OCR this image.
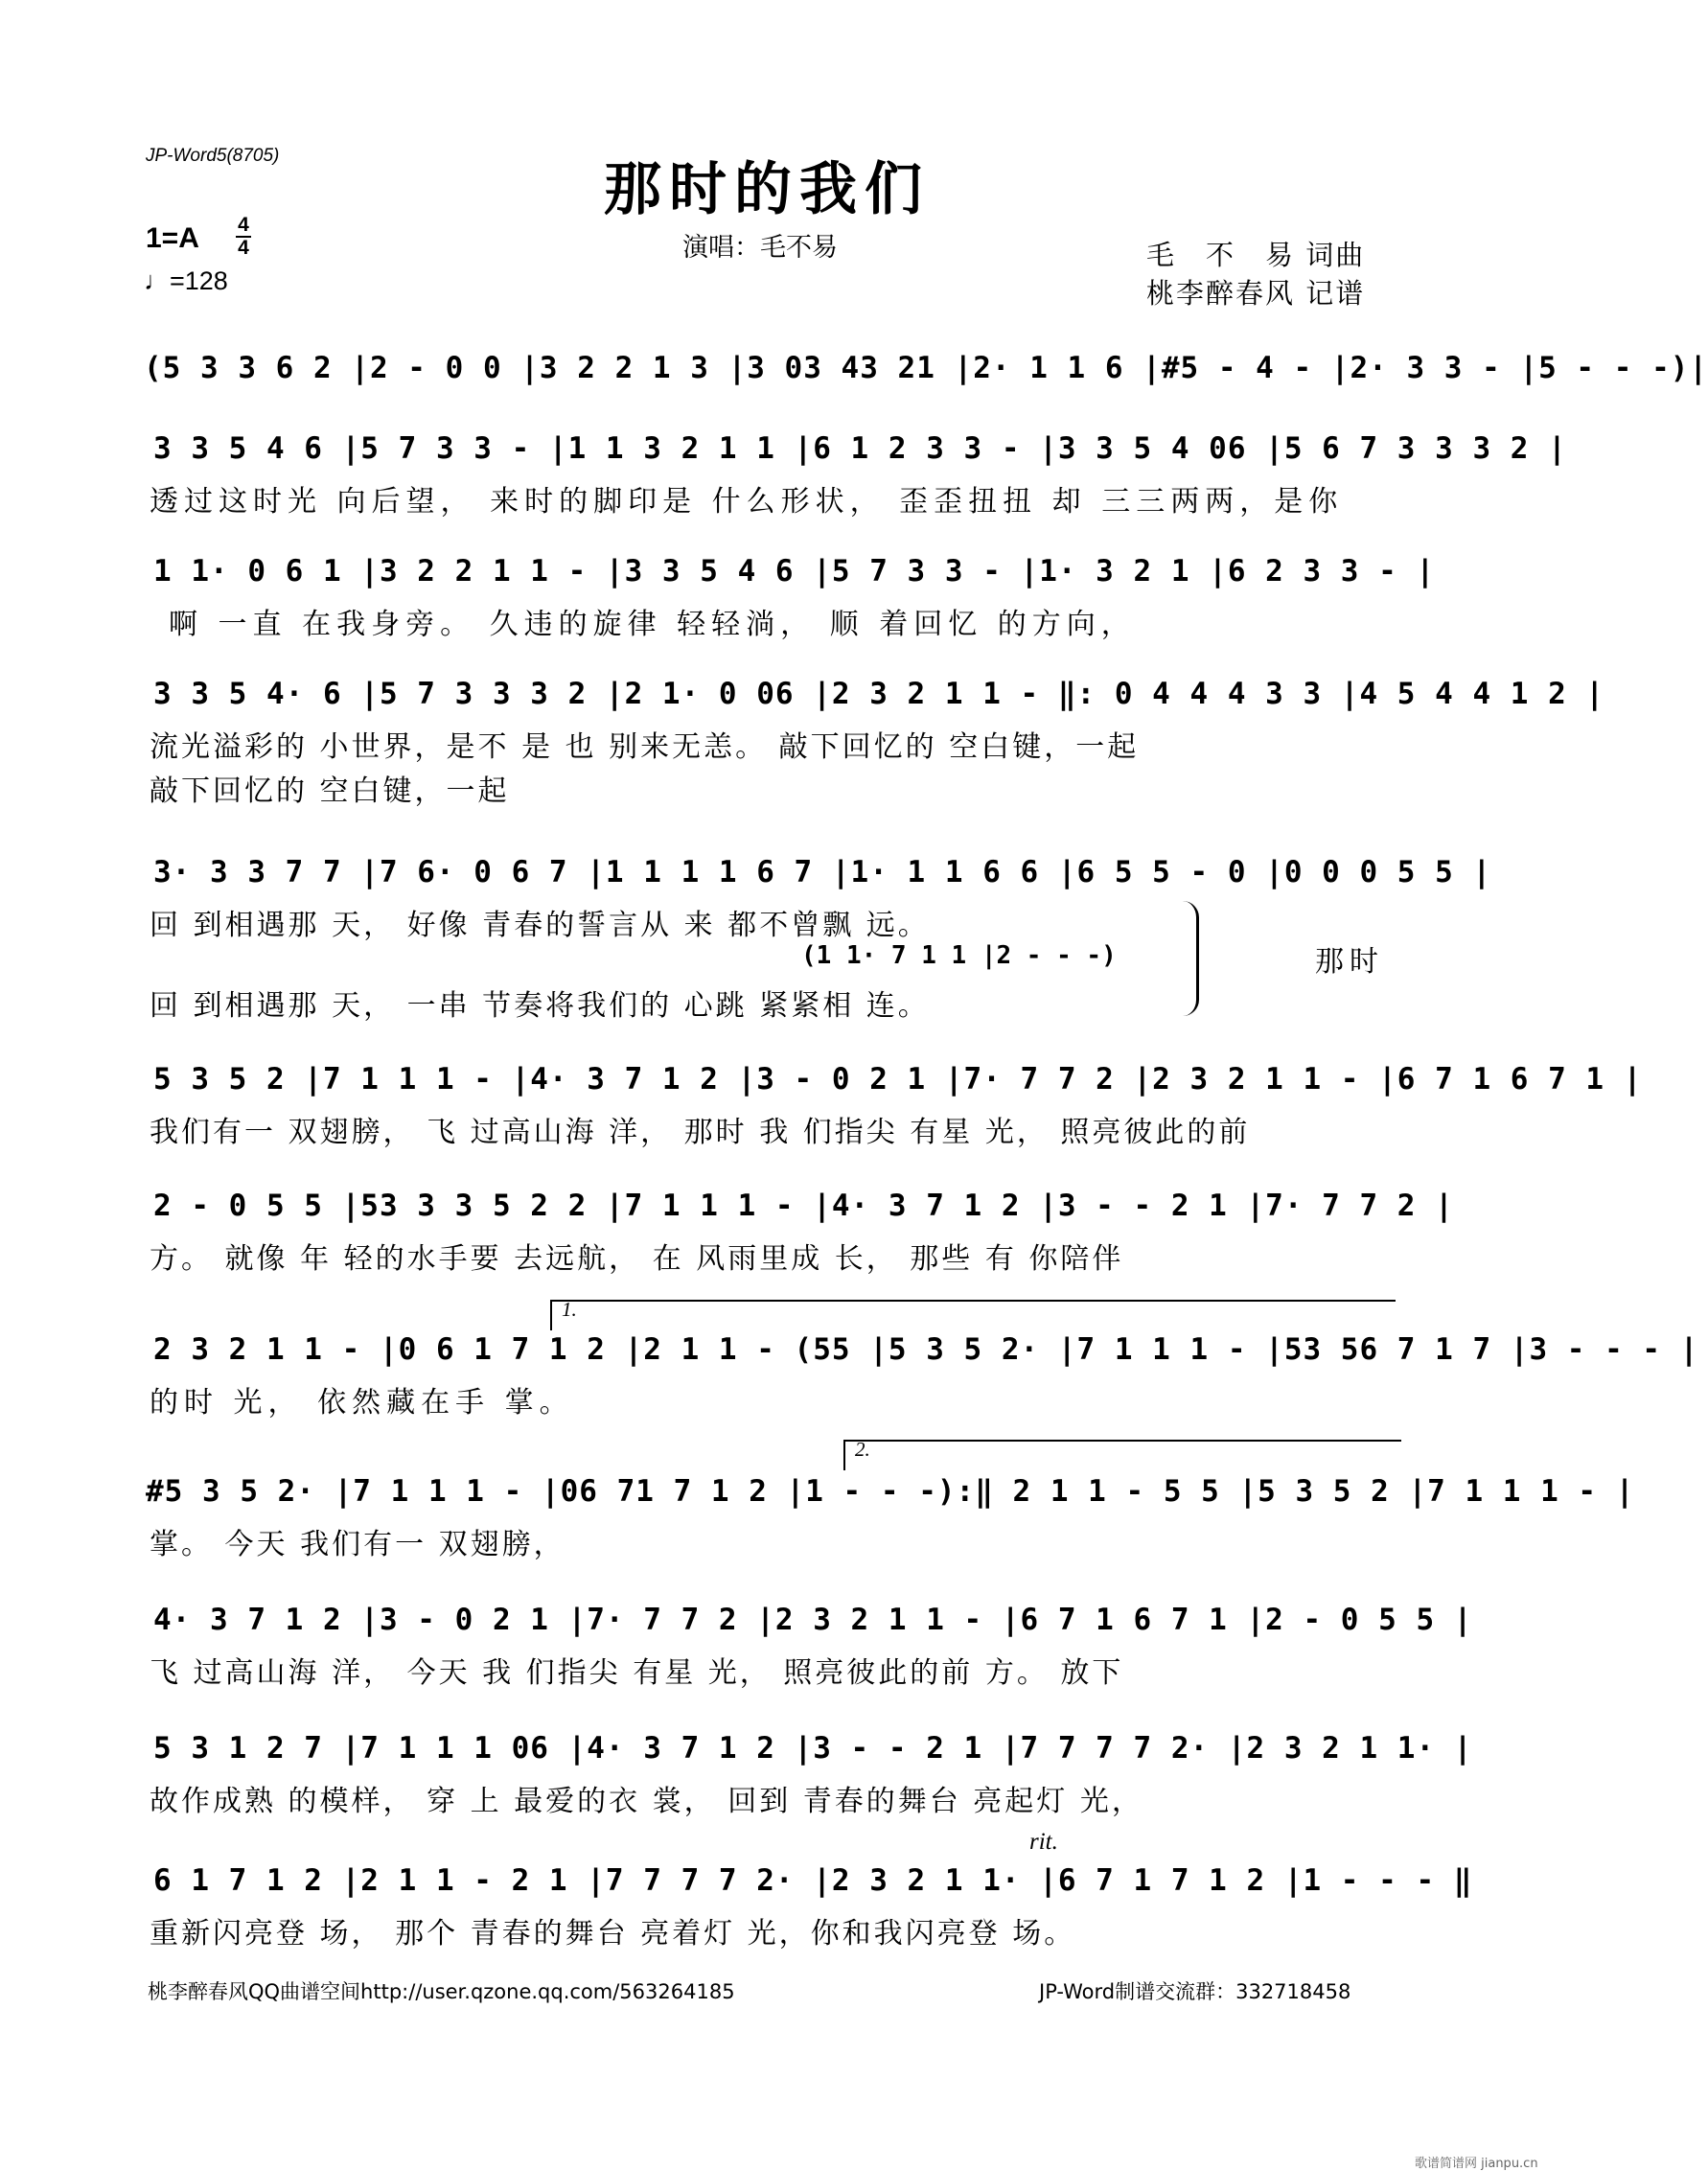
JP-Word5(8705)
那时的我们
1=A 4
4
♩=128
演唱：毛不易	毛　不　易 词曲
桃李醉春风 记谱
(5 3 3 6 2 |2 - 0 0 |3 2 2 1 3 |3 03 43 21 |2· 1 1 6 |#5 - 4 - |2· 3 3 - |5 - - -)|
3 3 5 4 6 |5 7 3 3 - |1 1 3 2 1 1 |6 1 2 3 3 - |3 3 5 4 06 |5 6 7 3 3 3 2 |
透过这时光 向后望， 来时的脚印是 什么形状， 歪歪扭扭 却 三三两两，是你
1 1· 0 6 1 |3 2 2 1 1 - |3 3 5 4 6 |5 7 3 3 - |1· 3 2 1 |6 2 3 3 - |
啊 一直 在我身旁。 久违的旋律 轻轻淌， 顺 着回忆 的方向，
3 3 5 4· 6 |5 7 3 3 3 2 |2 1· 0 06 |2 3 2 1 1 - ‖: 0 4 4 4 3 3 |4 5 4 4 1 2 |
流光溢彩的 小世界，是不 是 也 别来无恙。 敲下回忆的 空白键，一起
敲下回忆的 空白键，一起
3· 3 3 7 7 |7 6· 0 6 7 |1 1 1 1 6 7 |1· 1 1 6 6 |6 5 5 - 0 |0 0 0 5 5 |
回 到相遇那 天， 好像 青春的誓言从 来 都不曾飘 远。
(1 1· 7 1 1 |2 - - -)	那时
回 到相遇那 天， 一串 节奏将我们的 心跳 紧紧相 连。
5 3 5 2 |7 1 1 1 - |4· 3 7 1 2 |3 - 0 2 1 |7· 7 7 2 |2 3 2 1 1 - |6 7 1 6 7 1 |
我们有一 双翅膀， 飞 过高山海 洋， 那时 我 们指尖 有星 光， 照亮彼此的前
2 - 0 5 5 |53 3 3 5 2 2 |7 1 1 1 - |4· 3 7 1 2 |3 - - 2 1 |7· 7 7 2 |
方。 就像 年 轻的水手要 去远航， 在 风雨里成 长， 那些 有 你陪伴
1.
2 3 2 1 1 - |0 6 1 7 1 2 |2 1 1 - (55 |5 3 5 2· |7 1 1 1 - |53 56 7 1 7 |3 - - - |
的时 光， 依然藏在手 掌。
2.
#5 3 5 2· |7 1 1 1 - |06 71 7 1 2 |1 - - -):‖ 2 1 1 - 5 5 |5 3 5 2 |7 1 1 1 - |
掌。 今天 我们有一 双翅膀，
4· 3 7 1 2 |3 - 0 2 1 |7· 7 7 2 |2 3 2 1 1 - |6 7 1 6 7 1 |2 - 0 5 5 |
飞 过高山海 洋， 今天 我 们指尖 有星 光， 照亮彼此的前 方。 放下
5 3 1 2 7 |7 1 1 1 06 |4· 3 7 1 2 |3 - - 2 1 |7 7 7 7 2· |2 3 2 1 1· |
故作成熟 的模样， 穿 上 最爱的衣 裳， 回到 青春的舞台 亮起灯 光，
rit.
6 1 7 1 2 |2 1 1 - 2 1 |7 7 7 7 2· |2 3 2 1 1· |6 7 1 7 1 2 |1 - - - ‖
重新闪亮登 场， 那个 青春的舞台 亮着灯 光，你和我闪亮登 场。
桃李醉春风QQ曲谱空间http://user.qzone.qq.com/563264185	JP-Word制谱交流群：332718458
歌谱简谱网 jianpu.cn
